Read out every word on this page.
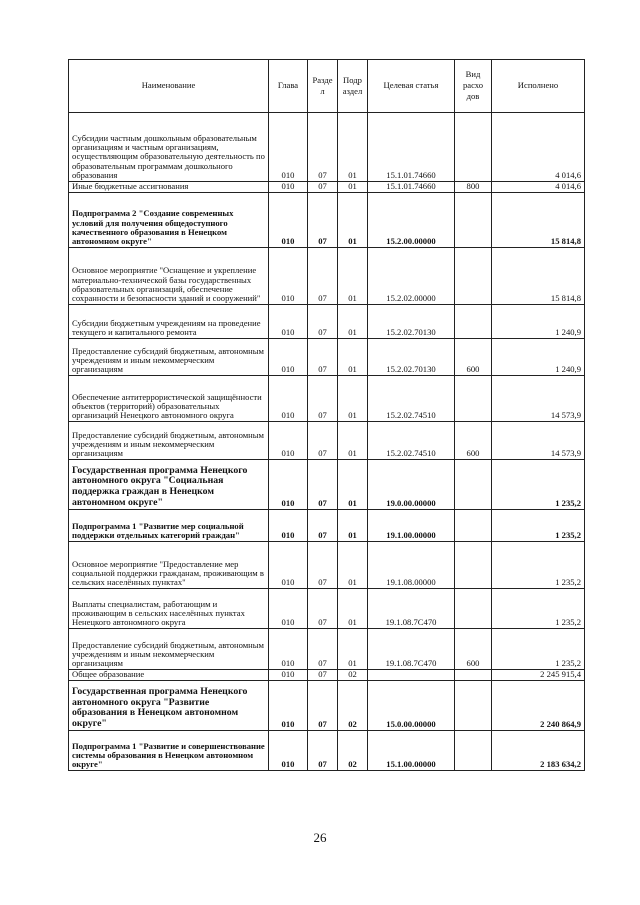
Наименование	Глава	Разде л	Подр аздел	Целевая статья	Вид расхо дов	Исполнено
Субсидии частным дошкольным образовательным организациям и частным организациям, осуществляющим образовательную деятельность по образовательным программам дошкольного образования	010	07	01	15.1.01.74660		4 014,6
Иные бюджетные ассигнования	010	07	01	15.1.01.74660	800	4 014,6
Подпрограмма 2 "Создание современных условий для получения общедоступного качественного образования в Ненецком автономном округе"	010	07	01	15.2.00.00000		15 814,8
Основное мероприятие "Оснащение и укрепление материально-технической базы государственных образовательных организаций, обеспечение сохранности и безопасности зданий и сооружений"	010	07	01	15.2.02.00000		15 814,8
Субсидии бюджетным учреждениям на проведение текущего и капитального ремонта	010	07	01	15.2.02.70130		1 240,9
Предоставление субсидий бюджетным, автономным учреждениям и иным некоммерческим организациям	010	07	01	15.2.02.70130	600	1 240,9
Обеспечение антитеррористической защищённости объектов (территорий) образовательных организаций Ненецкого автономного округа	010	07	01	15.2.02.74510		14 573,9
Предоставление субсидий бюджетным, автономным учреждениям и иным некоммерческим организациям	010	07	01	15.2.02.74510	600	14 573,9
Государственная программа Ненецкого автономного округа "Социальная поддержка граждан в Ненецком автономном округе"	010	07	01	19.0.00.00000		1 235,2
Подпрограмма 1 "Развитие мер социальной поддержки отдельных категорий граждан"	010	07	01	19.1.00.00000		1 235,2
Основное мероприятие "Предоставление мер социальной поддержки гражданам, проживающим в сельских населённых пунктах"	010	07	01	19.1.08.00000		1 235,2
Выплаты специалистам, работающим и проживающим в сельских населённых пунктах Ненецкого автономного округа	010	07	01	19.1.08.7С470		1 235,2
Предоставление субсидий бюджетным, автономным учреждениям и иным некоммерческим организациям	010	07	01	19.1.08.7С470	600	1 235,2
Общее образование	010	07	02			2 245 915,4
Государственная программа Ненецкого автономного округа "Развитие образования в Ненецком автономном округе"	010	07	02	15.0.00.00000		2 240 864,9
Подпрограмма 1 "Развитие и совершенствование системы образования в Ненецком автономном округе"	010	07	02	15.1.00.00000		2 183 634,2
26
